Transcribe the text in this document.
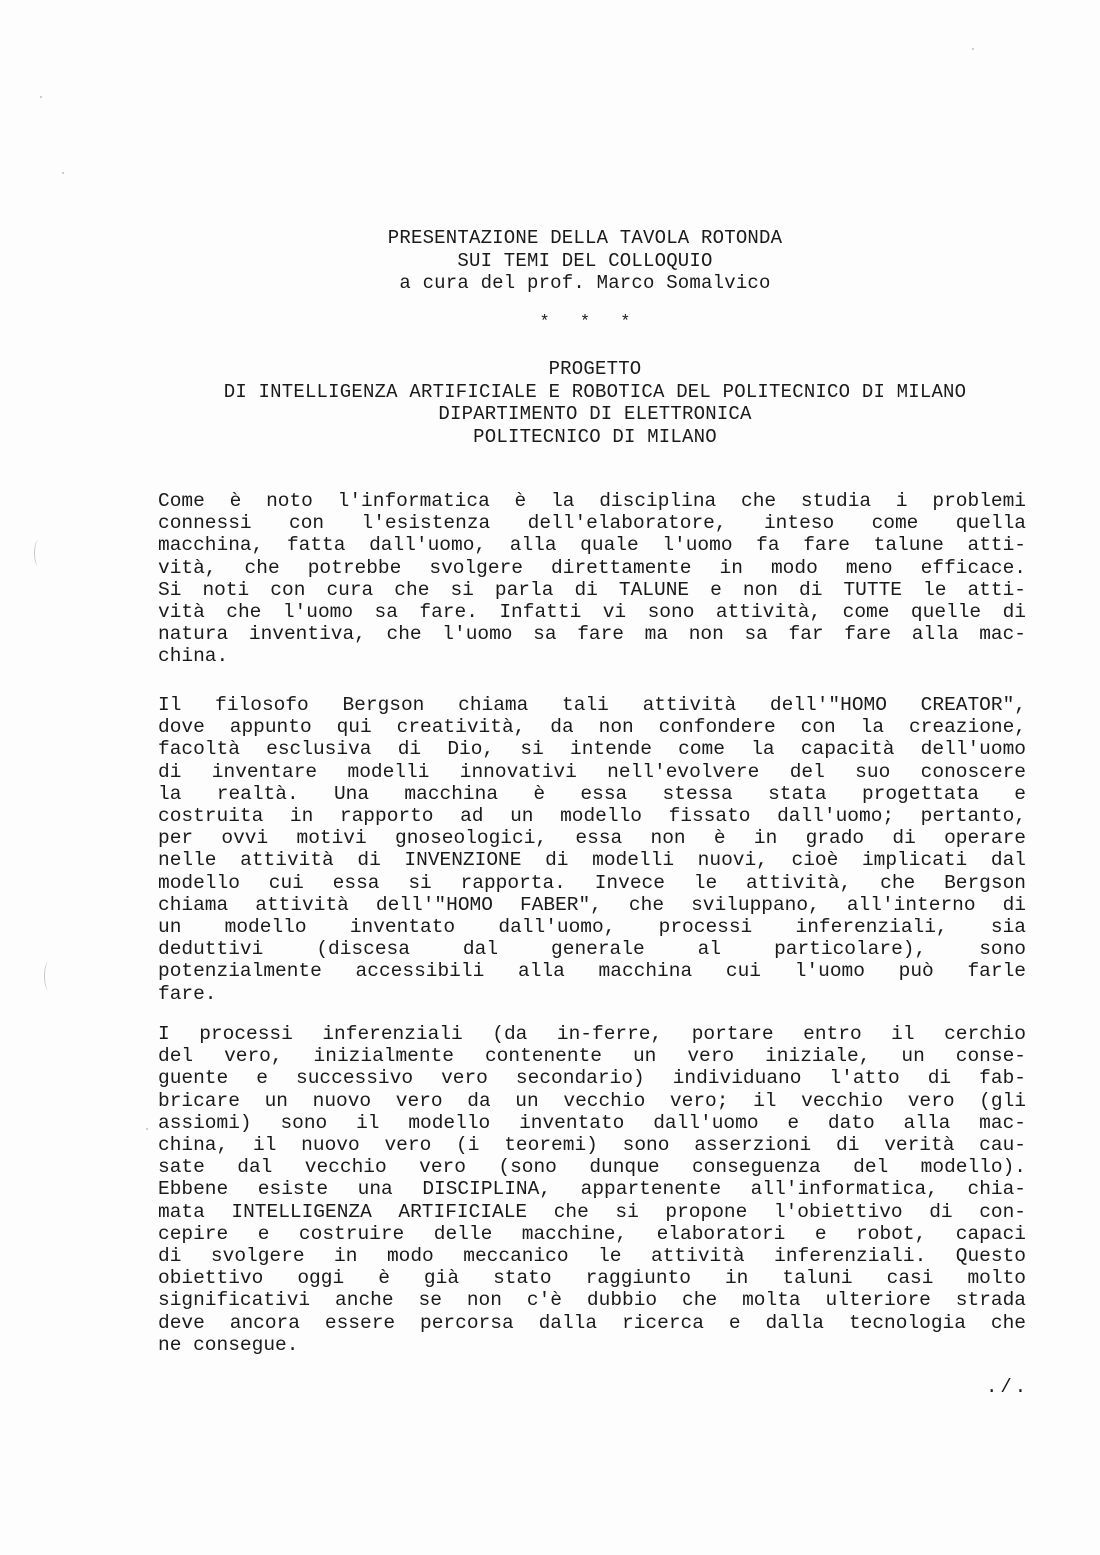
PRESENTAZIONE DELLA TAVOLA ROTONDA
SUI TEMI DEL COLLOQUIO
a cura del prof. Marco Somalvico
* * *
PROGETTO
DI INTELLIGENZA ARTIFICIALE E ROBOTICA DEL POLITECNICO DI MILANO
DIPARTIMENTO DI ELETTRONICA
POLITECNICO DI MILANO
Come è noto l'informatica è la disciplina che studia i problemi
connessi con l'esistenza dell'elaboratore, inteso come quella
macchina, fatta dall'uomo, alla quale l'uomo fa fare talune atti-
vità, che potrebbe svolgere direttamente in modo meno efficace.
Si noti con cura che si parla di TALUNE e non di TUTTE le atti-
vità che l'uomo sa fare. Infatti vi sono attività, come quelle di
natura inventiva, che l'uomo sa fare ma non sa far fare alla mac-
china.
Il filosofo Bergson chiama tali attività dell'"HOMO CREATOR",
dove appunto qui creatività, da non confondere con la creazione,
facoltà esclusiva di Dio, si intende come la capacità dell'uomo
di inventare modelli innovativi nell'evolvere del suo conoscere
la realtà. Una macchina è essa stessa stata progettata e
costruita in rapporto ad un modello fissato dall'uomo; pertanto,
per ovvi motivi gnoseologici, essa non è in grado di operare
nelle attività di INVENZIONE di modelli nuovi, cioè implicati dal
modello cui essa si rapporta. Invece le attività, che Bergson
chiama attività dell'"HOMO FABER", che sviluppano, all'interno di
un modello inventato dall'uomo, processi inferenziali, sia
deduttivi (discesa dal generale al particolare), sono
potenzialmente accessibili alla macchina cui l'uomo può farle
fare.
I processi inferenziali (da in-ferre, portare entro il cerchio
del vero, inizialmente contenente un vero iniziale, un conse-
guente e successivo vero secondario) individuano l'atto di fab-
bricare un nuovo vero da un vecchio vero; il vecchio vero (gli
assiomi) sono il modello inventato dall'uomo e dato alla mac-
china, il nuovo vero (i teoremi) sono asserzioni di verità cau-
sate dal vecchio vero (sono dunque conseguenza del modello).
Ebbene esiste una DISCIPLINA, appartenente all'informatica, chia-
mata INTELLIGENZA ARTIFICIALE che si propone l'obiettivo di con-
cepire e costruire delle macchine, elaboratori e robot, capaci
di svolgere in modo meccanico le attività inferenziali. Questo
obiettivo oggi è già stato raggiunto in taluni casi molto
significativi anche se non c'è dubbio che molta ulteriore strada
deve ancora essere percorsa dalla ricerca e dalla tecnologia che
ne consegue.
./.
